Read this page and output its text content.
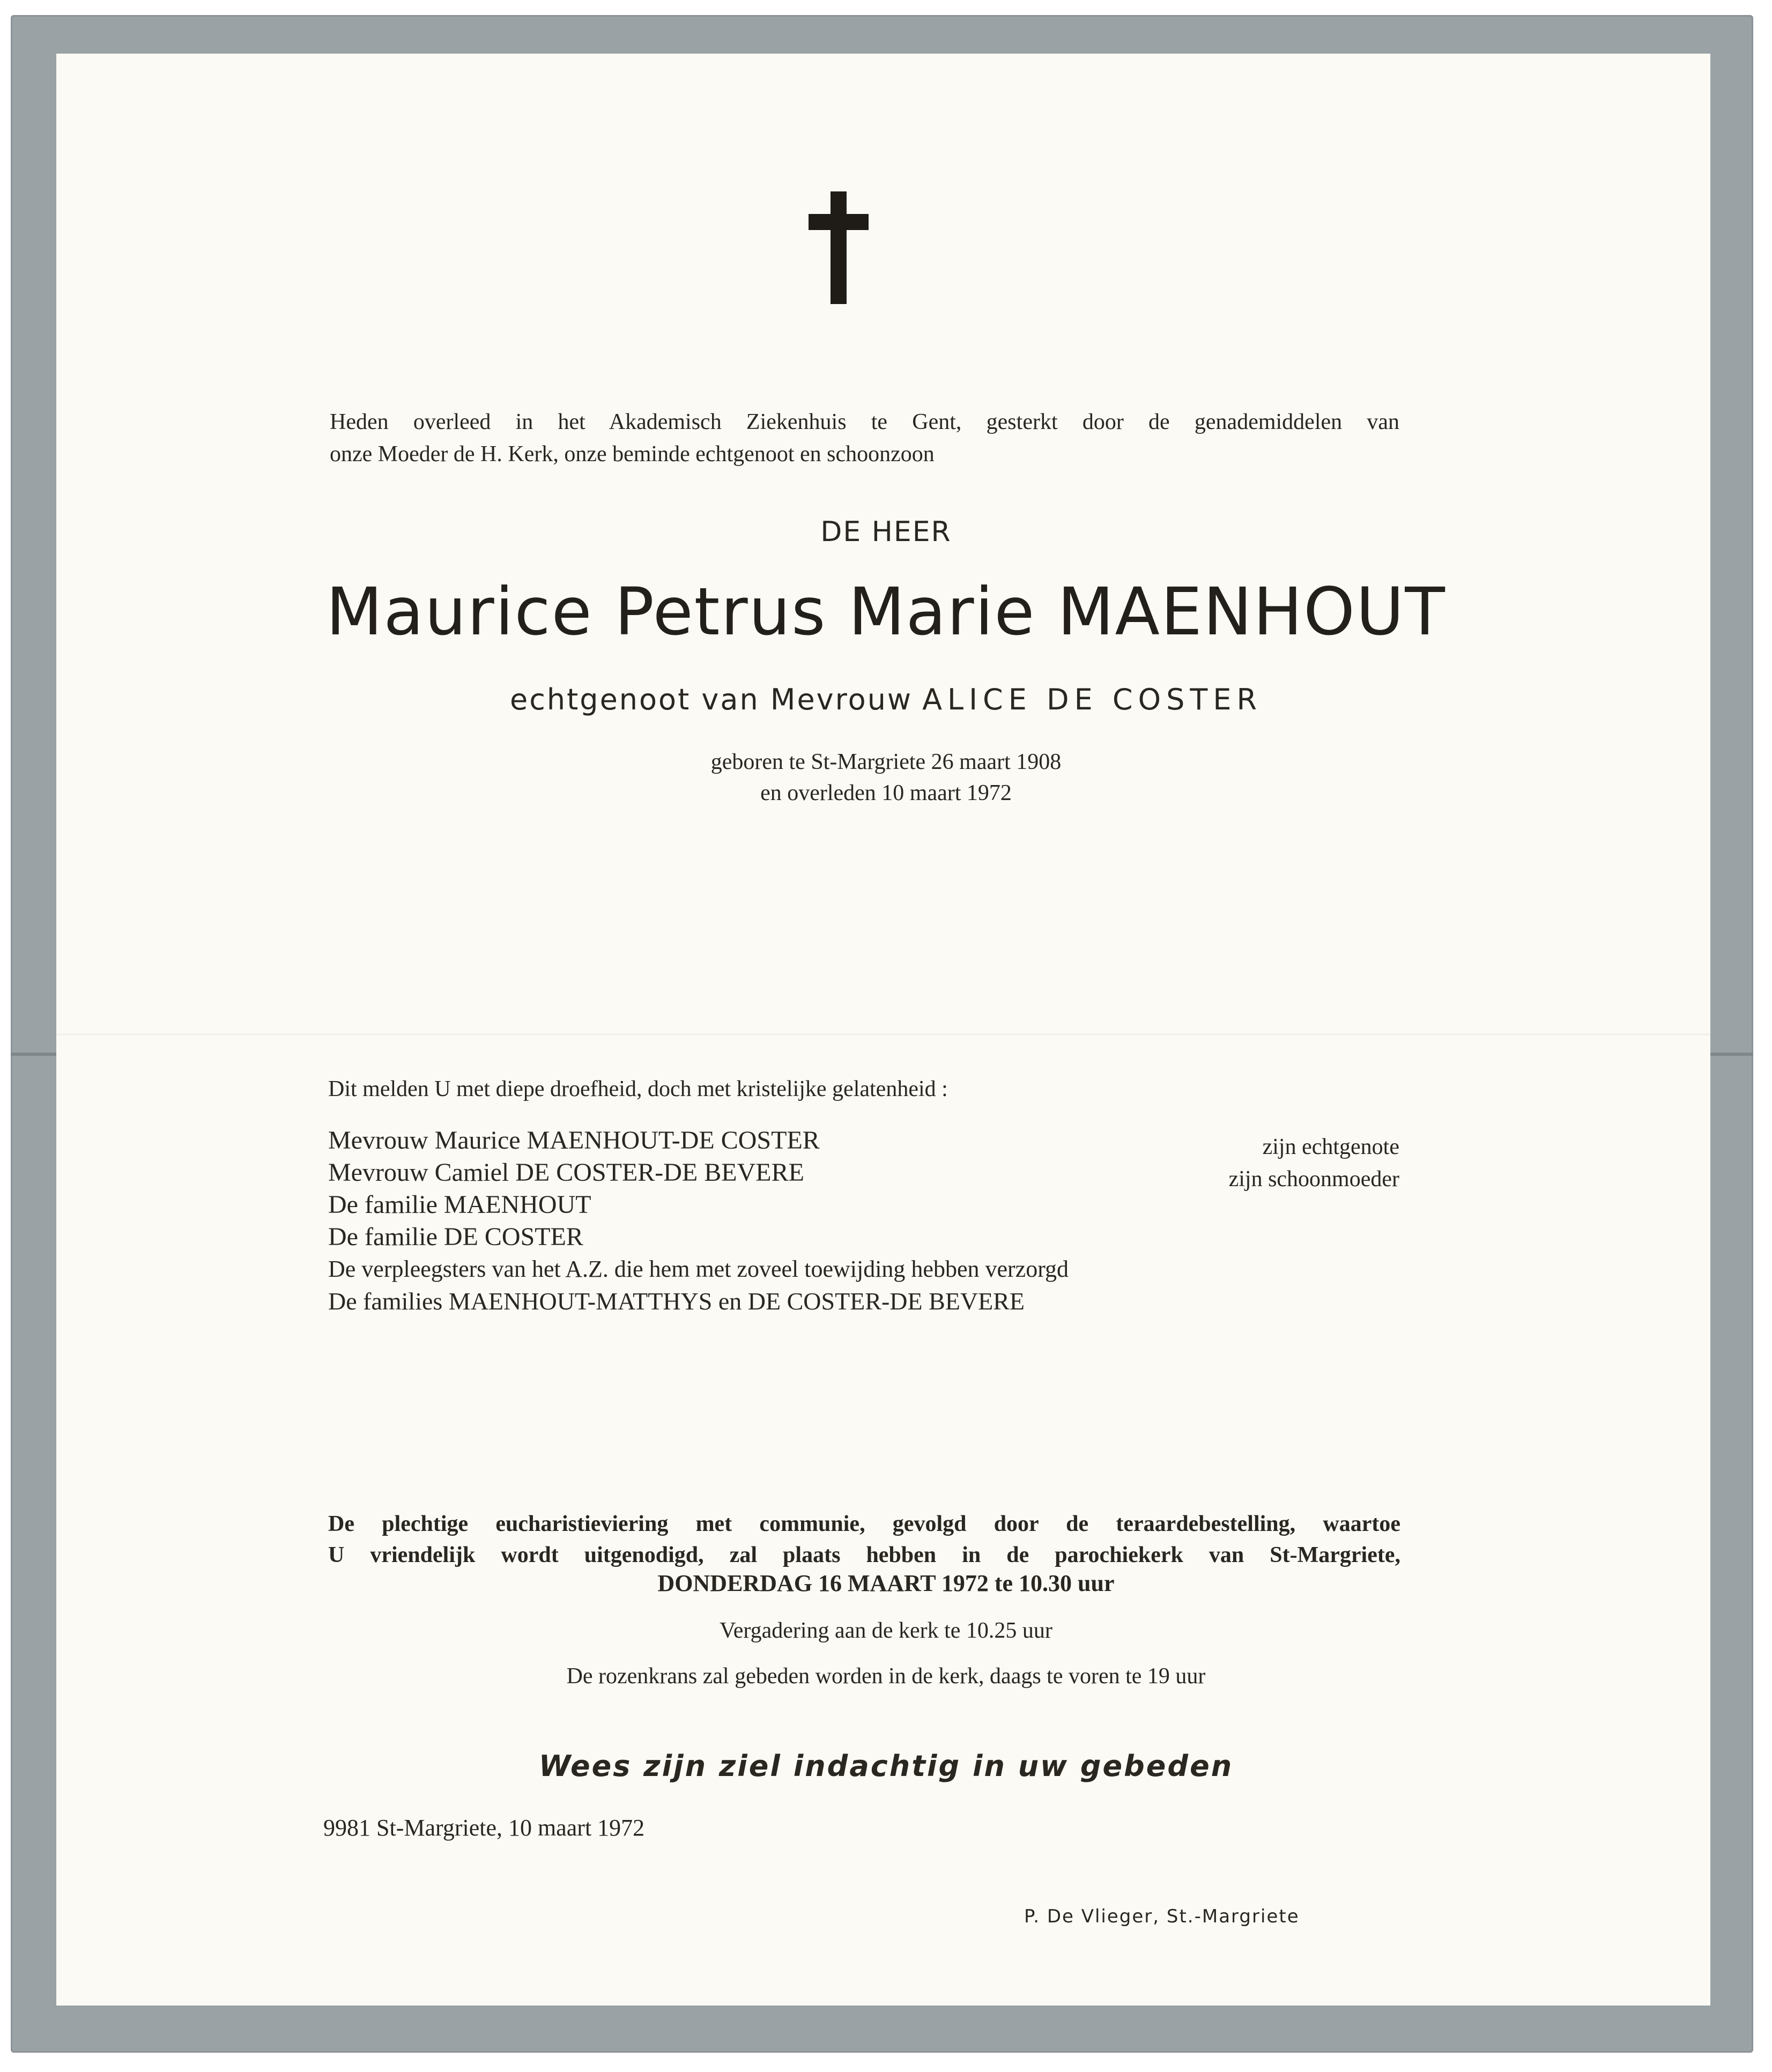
Heden overleed in het Akademisch Ziekenhuis te Gent, gesterkt door de genademiddelen van
onze Moeder de H. Kerk, onze beminde echtgenoot en schoonzoon
DE HEER
Maurice Petrus Marie MAENHOUT
echtgenoot van Mevrouw ALICE DE COSTER
geboren te St-Margriete 26 maart 1908
en overleden 10 maart 1972
Dit melden U met diepe droefheid, doch met kristelijke gelatenheid :
Mevrouw Maurice MAENHOUT-DE COSTER
Mevrouw Camiel DE COSTER-DE BEVERE
De familie MAENHOUT
De familie DE COSTER
De verpleegsters van het A.Z. die hem met zoveel toewijding hebben verzorgd
De families MAENHOUT-MATTHYS en DE COSTER-DE BEVERE
zijn echtgenote
zijn schoonmoeder
De plechtige eucharistieviering met communie, gevolgd door de teraardebestelling, waartoe
U vriendelijk wordt uitgenodigd, zal plaats hebben in de parochiekerk van St-Margriete,
DONDERDAG 16 MAART 1972 te 10.30 uur
Vergadering aan de kerk te 10.25 uur
De rozenkrans zal gebeden worden in de kerk, daags te voren te 19 uur
Wees zijn ziel indachtig in uw gebeden
9981 St-Margriete, 10 maart 1972
P. De Vlieger, St.-Margriete
